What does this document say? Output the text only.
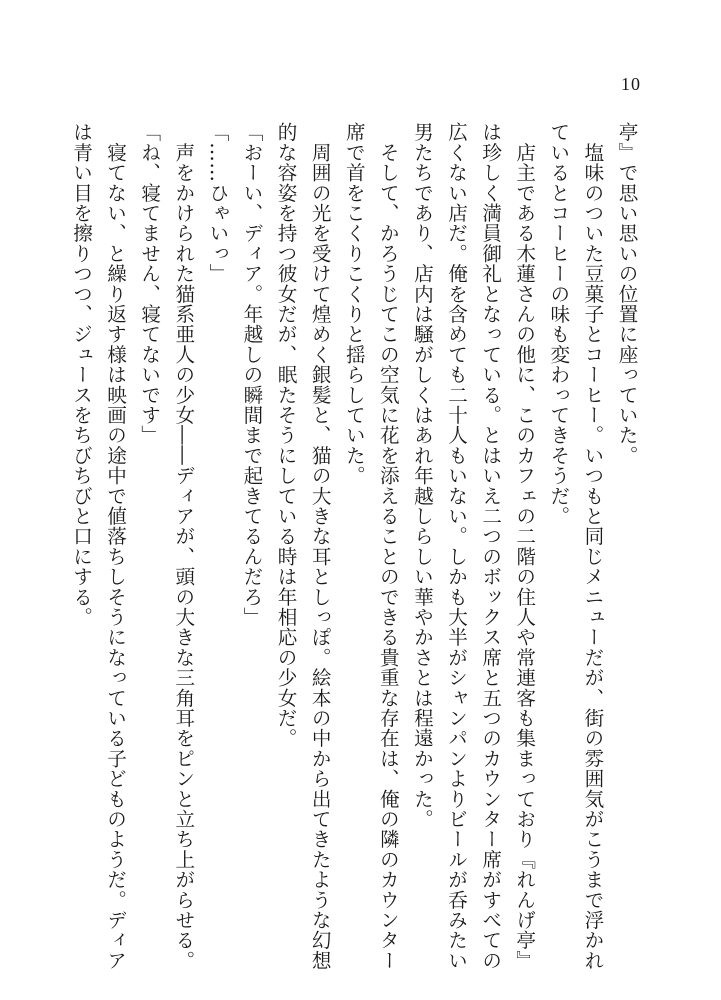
10
亭』で思い思いの位置に座っていた。
　塩味のついた豆菓子とコーヒー。いつもと同じメニューだが、街の雰囲気がこうまで浮かれ
ているとコーヒーの味も変わってきそうだ。
　店主である木蓮さんの他に、このカフェの二階の住人や常連客も集まっており『れんげ亭』
は珍しく満員御礼となっている。とはいえ二つのボックス席と五つのカウンター席がすべての
広くない店だ。俺を含めても二十人もいない。しかも大半がシャンパンよりビールが呑みたい
男たちであり、店内は騒がしくはあれ年越しらしい華やかさとは程遠かった。
　そして、かろうじてこの空気に花を添えることのできる貴重な存在は、俺の隣のカウンター
席で首をこくりこくりと揺らしていた。
　周囲の光を受けて煌めく銀髪と、猫の大きな耳としっぽ。絵本の中から出てきたような幻想
的な容姿を持つ彼女だが、眠たそうにしている時は年相応の少女だ。
「おーい、ディア。年越しの瞬間まで起きてるんだろ」
「……ひゃいっ」
　声をかけられた猫系亜人の少女――ディアが、頭の大きな三角耳をピンと立ち上がらせる。
「ね、寝てません、寝てないです」
　寝てない、と繰り返す様は映画の途中で値落ちしそうになっている子どものようだ。ディア
は青い目を擦りつつ、ジュースをちびちびと口にする。
